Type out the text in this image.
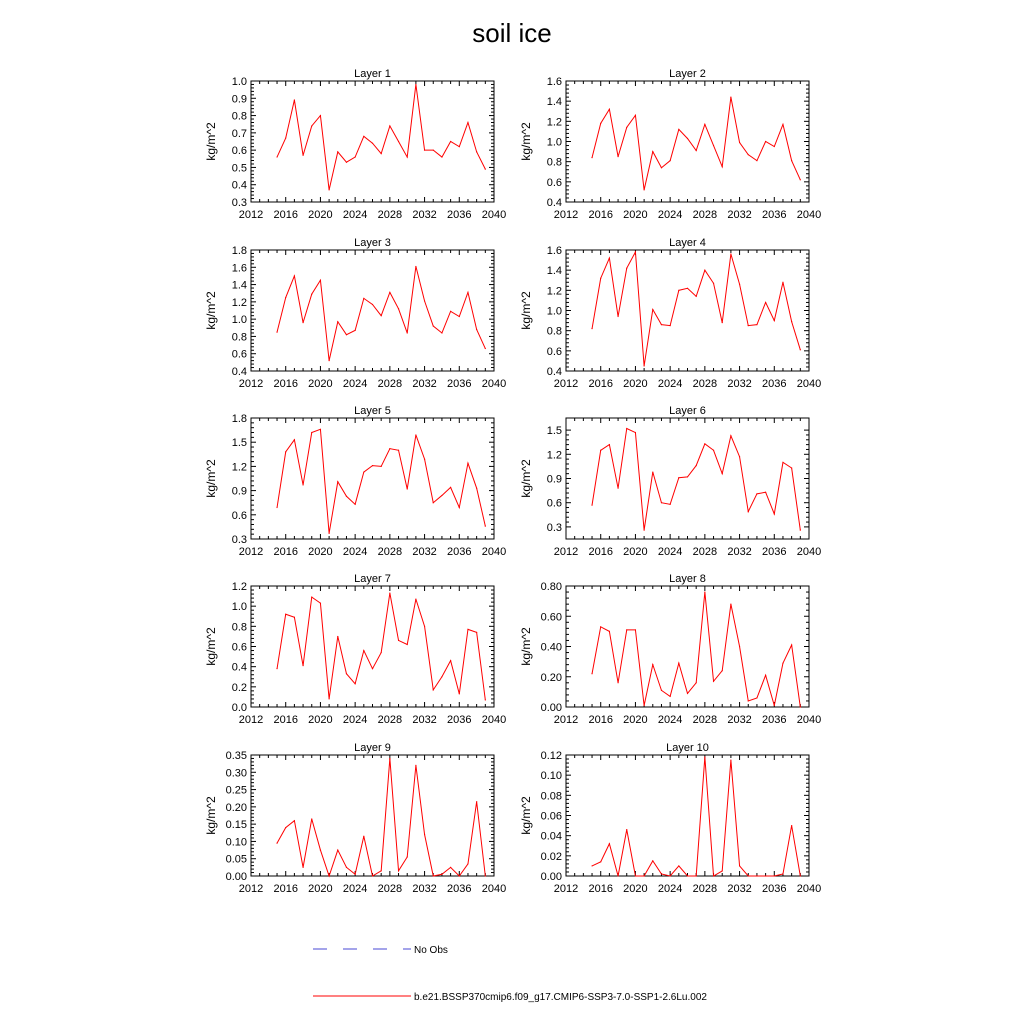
soil ice
Layer 1
2012 2016 2020 2024 2028 2032 2036 2040
0.3
0.4
0.5
0.6
0.7
0.8
0.9
1.0
kg/m^2
Layer 2
2012 2016 2020 2024 2028 2032 2036 2040
0.4
0.6
0.8
1.0
1.2
1.4
1.6
kg/m^2
Layer 3
2012 2016 2020 2024 2028 2032 2036 2040
0.4
0.6
0.8
1.0
1.2
1.4
1.6
1.8
kg/m^2
Layer 4
2012 2016 2020 2024 2028 2032 2036 2040
0.4
0.6
0.8
1.0
1.2
1.4
1.6
kg/m^2
Layer 5
2012 2016 2020 2024 2028 2032 2036 2040
0.3
0.6
0.9
1.2
1.5
1.8
kg/m^2
Layer 6
2012 2016 2020 2024 2028 2032 2036 2040
0.3
0.6
0.9
1.2
1.5
kg/m^2
Layer 7
2012 2016 2020 2024 2028 2032 2036 2040
0.0
0.2
0.4
0.6
0.8
1.0
1.2
kg/m^2
Layer 8
2012 2016 2020 2024 2028 2032 2036 2040
0.00
0.20
0.40
0.60
0.80
kg/m^2
Layer 9
2012 2016 2020 2024 2028 2032 2036 2040
0.00
0.05
0.10
0.15
0.20
0.25
0.30
0.35
kg/m^2
Layer 10
2012 2016 2020 2024 2028 2032 2036 2040
0.00
0.02
0.04
0.06
0.08
0.10
0.12
kg/m^2
No Obs
b.e21.BSSP370cmip6.f09_g17.CMIP6-SSP3-7.0-SSP1-2.6Lu.002
